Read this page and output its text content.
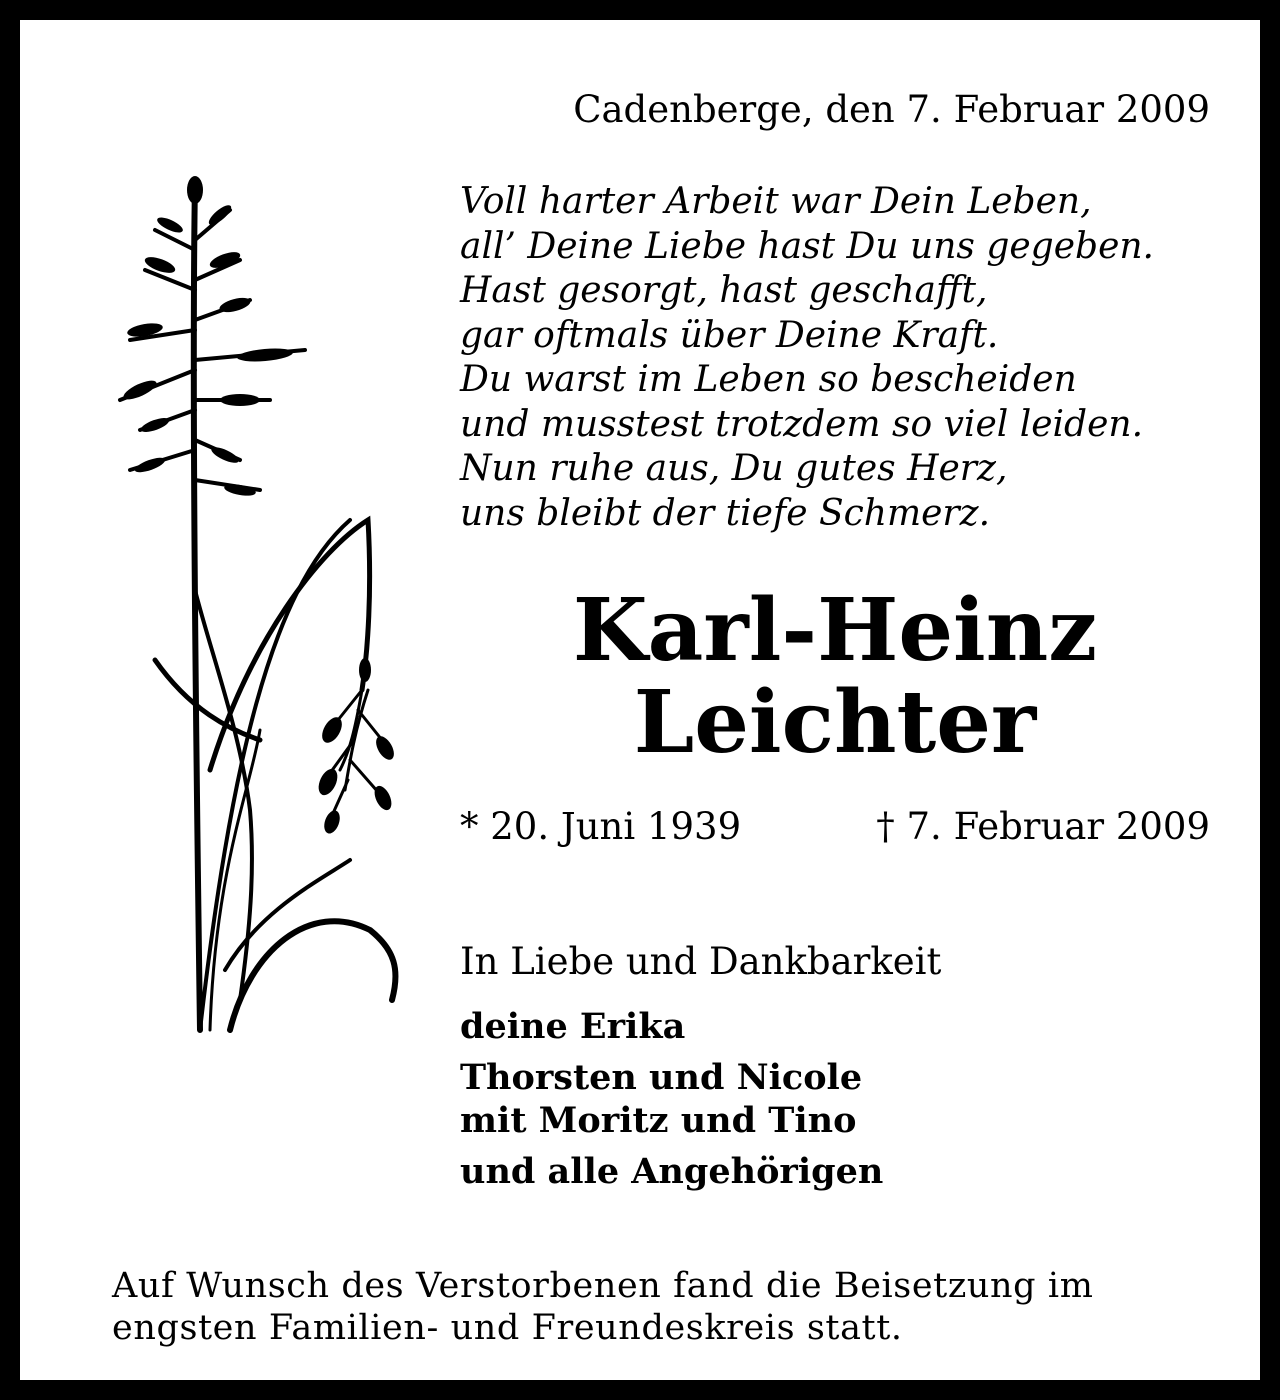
Cadenberge, den 7. Februar 2009
Voll harter Arbeit war Dein Leben,
all’ Deine Liebe hast Du uns gegeben.
Hast gesorgt, hast geschafft,
gar oftmals über Deine Kraft.
Du warst im Leben so bescheiden
und musstest trotzdem so viel leiden.
Nun ruhe aus, Du gutes Herz,
uns bleibt der tiefe Schmerz.
Karl-Heinz
Leichter
* 20. Juni 1939	† 7. Februar 2009
In Liebe und Dankbarkeit
deine Erika
Thorsten und Nicole
mit Moritz und Tino
und alle Angehörigen
Auf Wunsch des Verstorbenen fand die Beisetzung im
engsten Familien- und Freundeskreis statt.
